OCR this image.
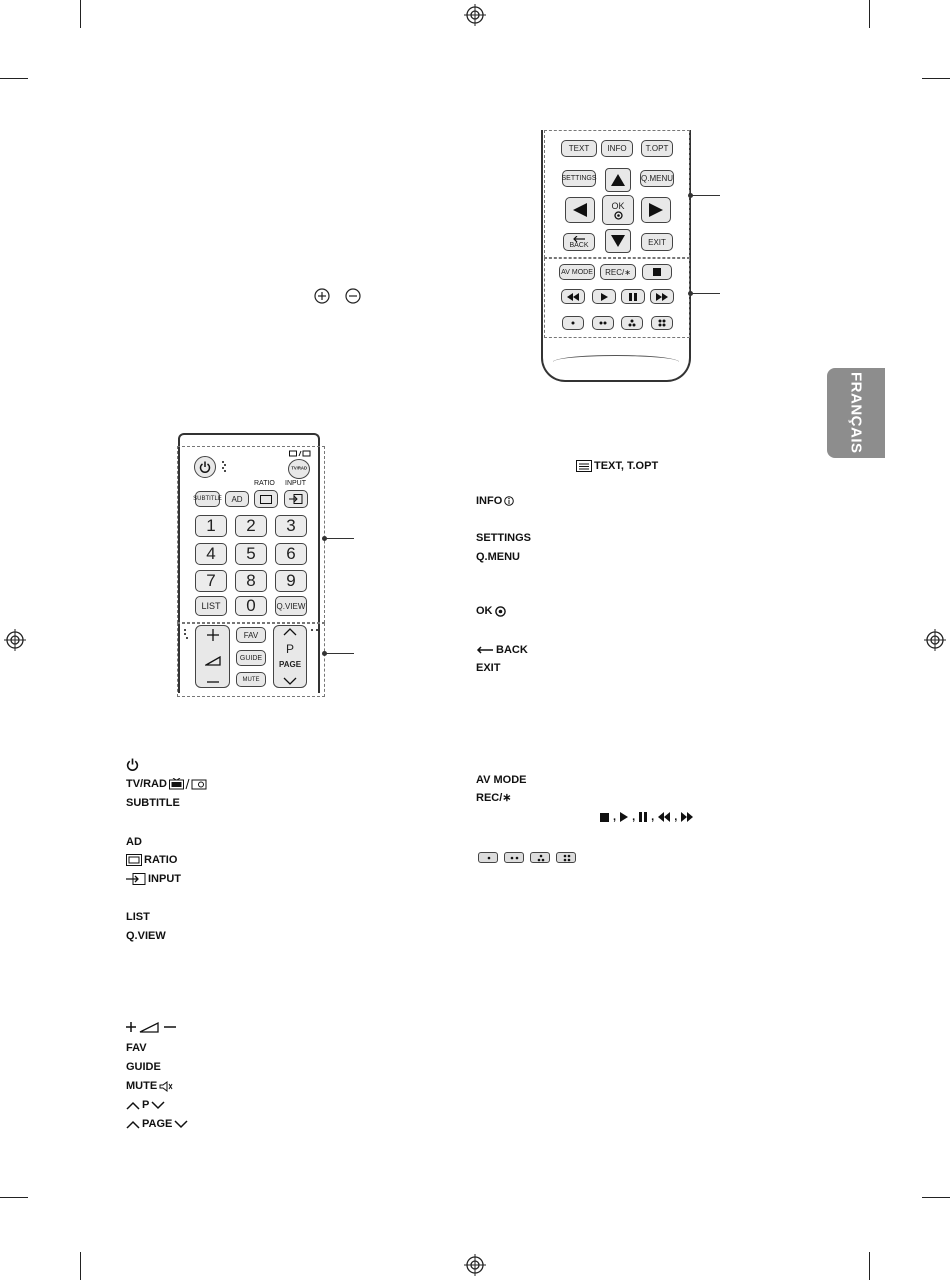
FRANÇAIS
TEXT INFO T.OPT
SETTINGS	Q.MENU
OK
BACK	EXIT
AV MODE REC/∗
TV/RAD
SUBTITLE AD
RATIO INPUT
1 2 3
4 5 6
7 8 9
LIST 0	Q.VIEW
FAV
GUIDE
MUTE
P
PAGE
TEXT, T.OPT
INFO
SETTINGS
Q.MENU
OK
BACK
EXIT
AV MODE
REC/∗
, , , ,
TV/RAD
SUBTITLE
AD
RATIO
INPUT
LIST
Q.VIEW
FAV
GUIDE
MUTE
P
PAGE
